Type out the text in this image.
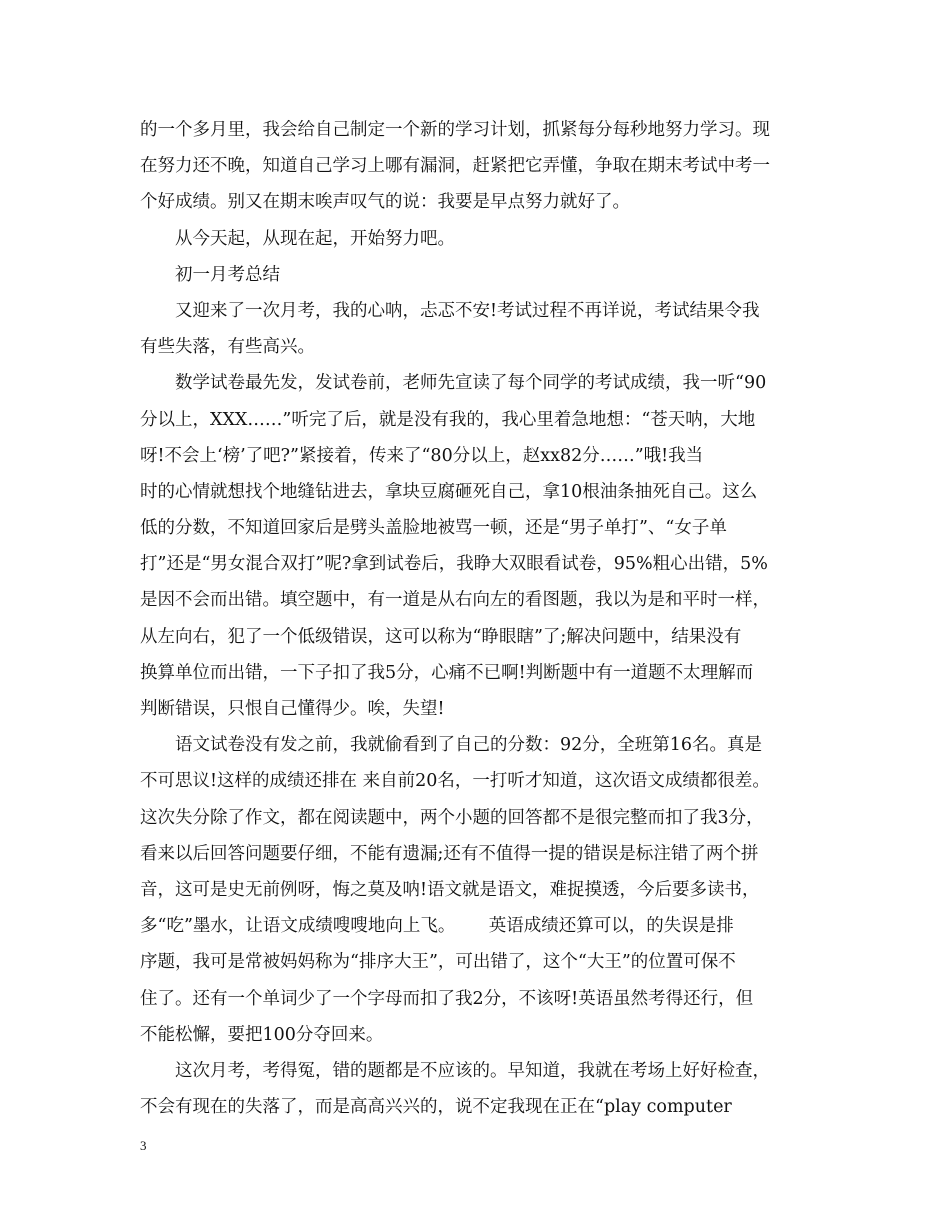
的一个多月里，我会给自己制定一个新的学习计划，抓紧每分每秒地努力学习。现
在努力还不晚，知道自己学习上哪有漏洞，赶紧把它弄懂，争取在期末考试中考一
个好成绩。别又在期末唉声叹气的说：我要是早点努力就好了。
从今天起，从现在起，开始努力吧。
初一月考总结
又迎来了一次月考，我的心呐，忐忑不安!考试过程不再详说，考试结果令我
有些失落，有些高兴。
数学试卷最先发，发试卷前，老师先宣读了每个同学的考试成绩，我一听“90
分以上，XXX……”听完了后，就是没有我的，我心里着急地想：“苍天呐，大地
呀!不会上‘榜’了吧?”紧接着，传来了“80分以上，赵xx82分……”哦!我当
时的心情就想找个地缝钻进去，拿块豆腐砸死自己，拿10根油条抽死自己。这么
低的分数，不知道回家后是劈头盖脸地被骂一顿，还是“男子单打”、“女子单
打”还是“男女混合双打”呢?拿到试卷后，我睁大双眼看试卷，95%粗心出错，5%
是因不会而出错。填空题中，有一道是从右向左的看图题，我以为是和平时一样，
从左向右，犯了一个低级错误，这可以称为“睁眼瞎”了;解决问题中，结果没有
换算单位而出错，一下子扣了我5分，心痛不已啊!判断题中有一道题不太理解而
判断错误，只恨自己懂得少。唉，失望!
语文试卷没有发之前，我就偷看到了自己的分数：92分，全班第16名。真是
不可思议!这样的成绩还排在 来自前20名，一打听才知道，这次语文成绩都很差。
这次失分除了作文，都在阅读题中，两个小题的回答都不是很完整而扣了我3分，
看来以后回答问题要仔细，不能有遗漏;还有不值得一提的错误是标注错了两个拼
音，这可是史无前例呀，悔之莫及呐!语文就是语文，难捉摸透，今后要多读书，
多“吃”墨水，让语文成绩嗖嗖地向上飞。      英语成绩还算可以，的失误是排
序题，我可是常被妈妈称为“排序大王”，可出错了，这个“大王”的位置可保不
住了。还有一个单词少了一个字母而扣了我2分，不该呀!英语虽然考得还行，但
不能松懈，要把100分夺回来。
这次月考，考得冤，错的题都是不应该的。早知道，我就在考场上好好检查，
不会有现在的失落了，而是高高兴兴的，说不定我现在正在“play computer
3
